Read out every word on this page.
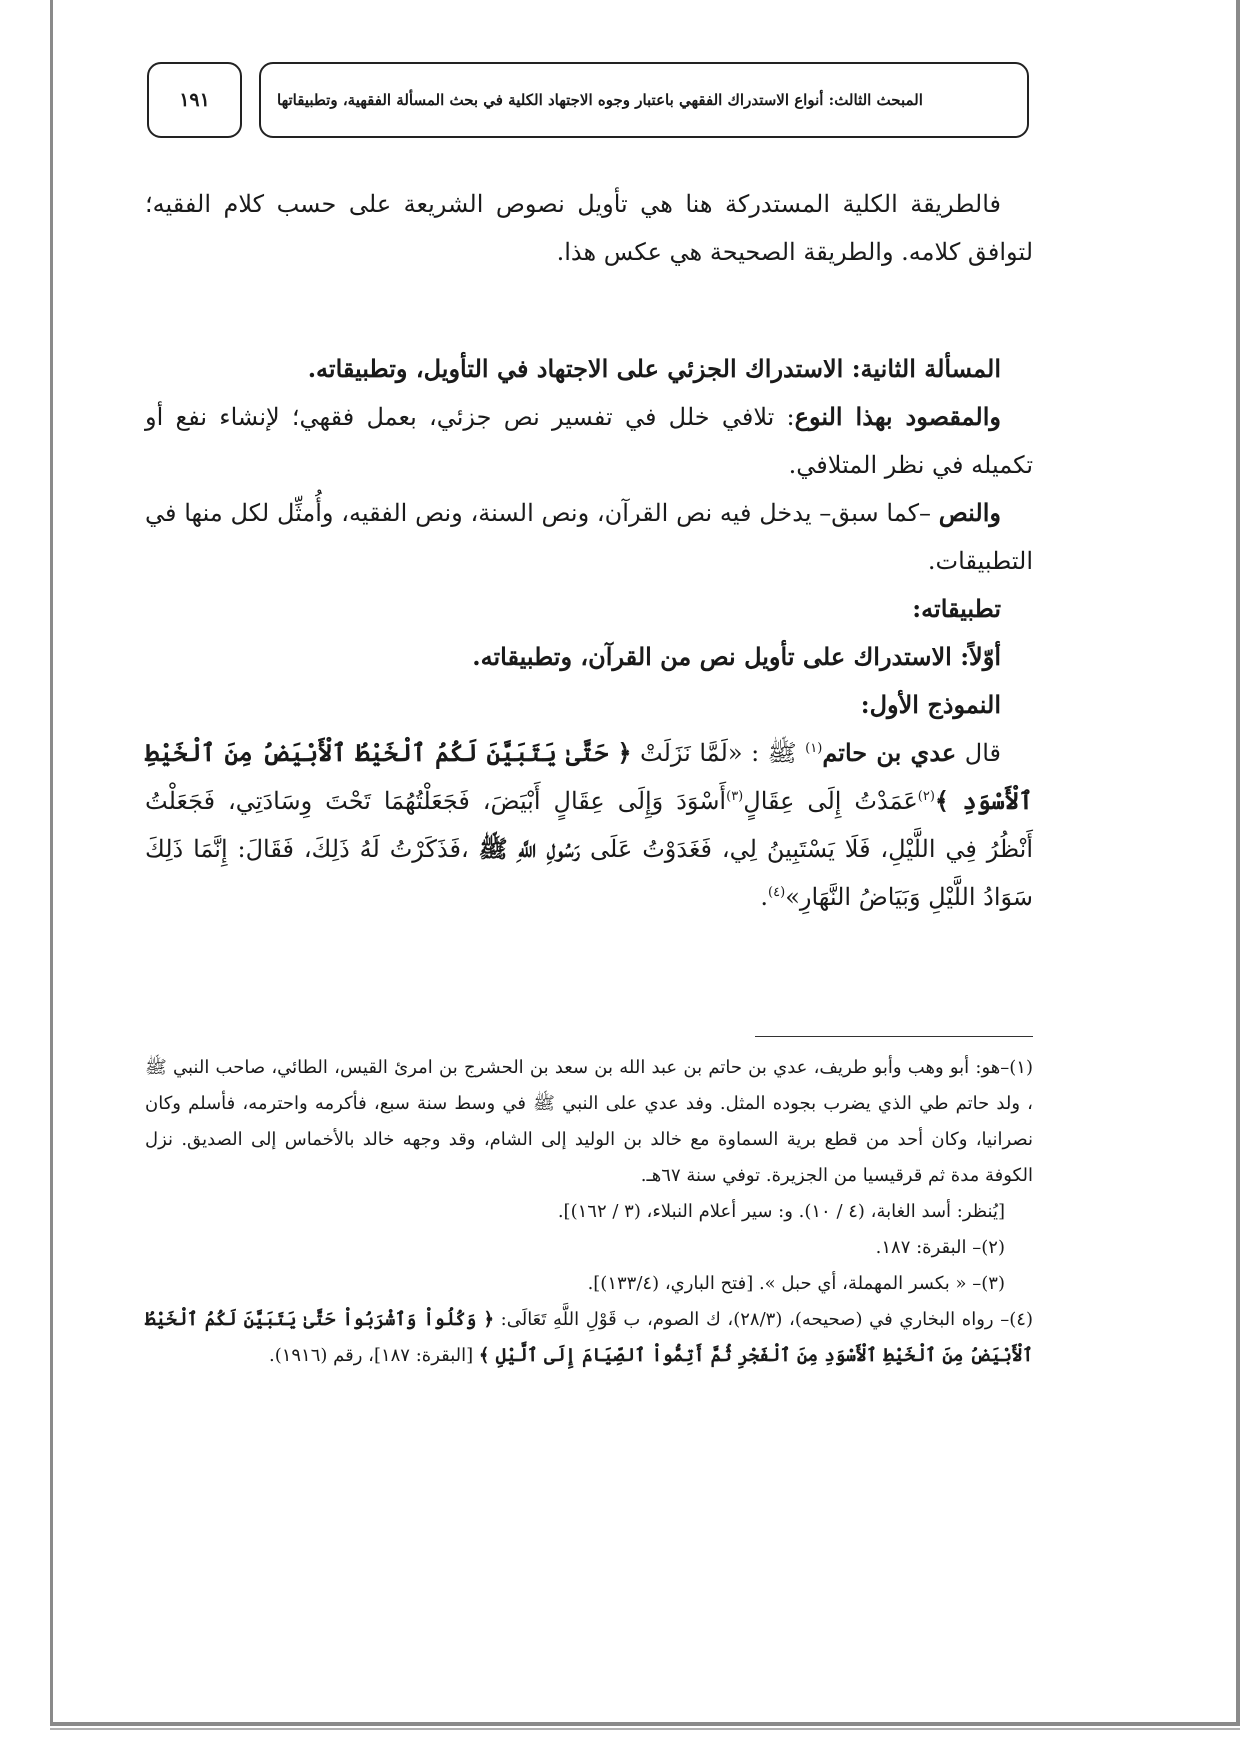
١٩١	المبحث الثالث: أنواع الاستدراك الفقهي باعتبار وجوه الاجتهاد الكلية في بحث المسألة الفقهية، وتطبيقاتها

فالطريقة الكلية المستدركة هنا هي تأويل نصوص الشريعة على حسب كلام الفقيه؛ لتوافق كلامه. والطريقة الصحيحة هي عكس هذا.

المسألة الثانية: الاستدراك الجزئي على الاجتهاد في التأويل، وتطبيقاته.

والمقصود بهذا النوع: تلافي خلل في تفسير نص جزئي، بعمل فقهي؛ لإنشاء نفع أو تكميله في نظر المتلافي.

والنص –كما سبق– يدخل فيه نص القرآن، ونص السنة، ونص الفقيه، وأُمثِّل لكل منها في التطبيقات.

تطبيقاته:

أوّلاً: الاستدراك على تأويل نص من القرآن، وتطبيقاته.

النموذج الأول:

قال عدي بن حاتم$^{(١)}$ ﷺ : «لَمَّا نَزَلَتْ ﴿ حَتَّىٰ يَتَبَيَّنَ لَكُمُ ٱلْخَيْطُ ٱلْأَبْيَضُ مِنَ ٱلْخَيْطِ ٱلْأَسْوَدِ ﴾$^{(٢)}$عَمَدْتُ إِلَى عِقَالٍ$^{(٣)}$أَسْوَدَ وَإِلَى عِقَالٍ أَبْيَضَ، فَجَعَلْتُهُمَا تَحْتَ وِسَادَتِي، فَجَعَلْتُ أَنْظُرُ فِي اللَّيْلِ، فَلَا يَسْتَبِينُ لِي، فَغَدَوْتُ عَلَى رَسُولِ اللَّهِ ﷺ ،فَذَكَرْتُ لَهُ ذَلِكَ، فَقَالَ: إِنَّمَا ذَلِكَ سَوَادُ اللَّيْلِ وَبَيَاضُ النَّهَارِ»$^{(٤)}$.

(١)–هو: أبو وهب وأبو طريف، عدي بن حاتم بن عبد الله بن سعد بن الحشرج بن امرئ القيس، الطائي، صاحب النبي ﷺ ، ولد حاتم طي الذي يضرب بجوده المثل. وفد عدي على النبي ﷺ في وسط سنة سبع، فأكرمه واحترمه، فأسلم وكان نصرانيا، وكان أحد من قطع برية السماوة مع خالد بن الوليد إلى الشام، وقد وجهه خالد بالأخماس إلى الصديق. نزل الكوفة مدة ثم قرقيسيا من الجزيرة. توفي سنة ٦٧هـ.

[يُنظر: أسد الغابة، (٤ / ١٠). و: سير أعلام النبلاء، (٣ / ١٦٢)].

(٢)– البقرة: ١٨٧.

(٣)– « بكسر المهملة، أي حبل ». [فتح الباري، (١٣٣/٤)].

(٤)– رواه البخاري في (صحيحه)، (٢٨/٣)، ك الصوم، ب قَوْلِ اللَّهِ تَعَالَى: ﴿ وَكُلُواْ وَٱشْرَبُواْ حَتَّىٰ يَتَبَيَّنَ لَكُمُ ٱلْخَيْطُ ٱلْأَبْيَضُ مِنَ ٱلْخَيْطِ ٱلْأَسْوَدِ مِنَ ٱلْفَجْرِ ثُمَّ أَتِمُّواْ ٱلصِّيَامَ إِلَى ٱلَّيْلِ ﴾ [البقرة: ١٨٧]، رقم (١٩١٦).
